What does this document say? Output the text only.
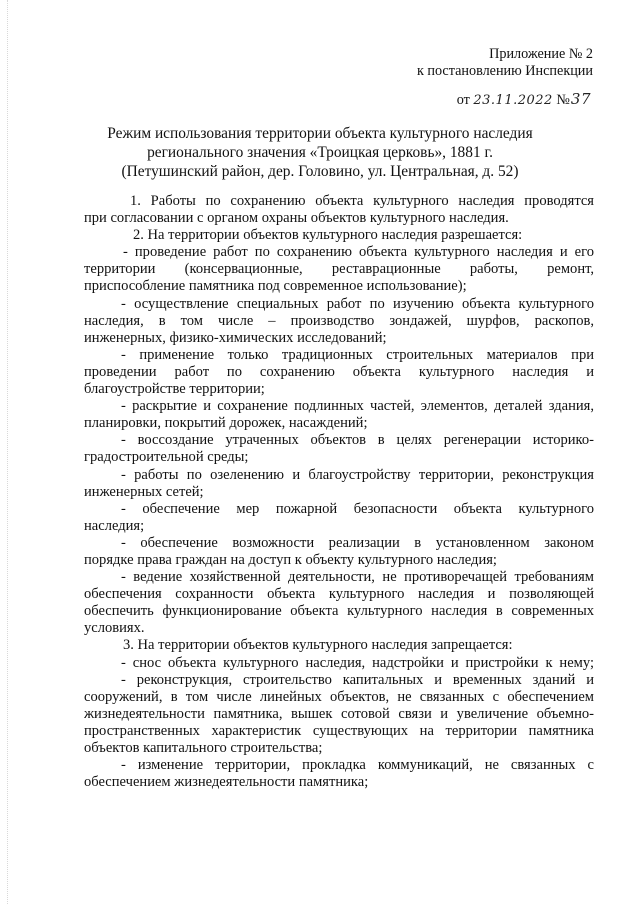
Приложение № 2
к постановлению Инспекции
от 23.11.2022 №37
Режим использования территории объекта культурного наследия
регионального значения «Троицкая церковь», 1881 г.
(Петушинский район, дер. Головино, ул. Центральная, д. 52)
1. Работы по сохранению объекта культурного наследия проводятся
при согласовании с органом охраны объектов культурного наследия.
2. На территории объектов культурного наследия разрешается:
- проведение работ по сохранению объекта культурного наследия и его
территории (консервационные, реставрационные работы, ремонт,
приспособление памятника под современное использование);
- осуществление специальных работ по изучению объекта культурного
наследия, в том числе – производство зондажей, шурфов, раскопов,
инженерных, физико-химических исследований;
- применение только традиционных строительных материалов при
проведении работ по сохранению объекта культурного наследия и
благоустройстве территории;
- раскрытие и сохранение подлинных частей, элементов, деталей здания,
планировки, покрытий дорожек, насаждений;
- воссоздание утраченных объектов в целях регенерации историко-
градостроительной среды;
- работы по озеленению и благоустройству территории, реконструкция
инженерных сетей;
- обеспечение мер пожарной безопасности объекта культурного
наследия;
- обеспечение возможности реализации в установленном законом
порядке права граждан на доступ к объекту культурного наследия;
- ведение хозяйственной деятельности, не противоречащей требованиям
обеспечения сохранности объекта культурного наследия и позволяющей
обеспечить функционирование объекта культурного наследия в современных
условиях.
3. На территории объектов культурного наследия запрещается:
- снос объекта культурного наследия, надстройки и пристройки к нему;
- реконструкция, строительство капитальных и временных зданий и
сооружений, в том числе линейных объектов, не связанных с обеспечением
жизнедеятельности памятника, вышек сотовой связи и увеличение объемно-
пространственных характеристик существующих на территории памятника
объектов капитального строительства;
- изменение территории, прокладка коммуникаций, не связанных с
обеспечением жизнедеятельности памятника;
